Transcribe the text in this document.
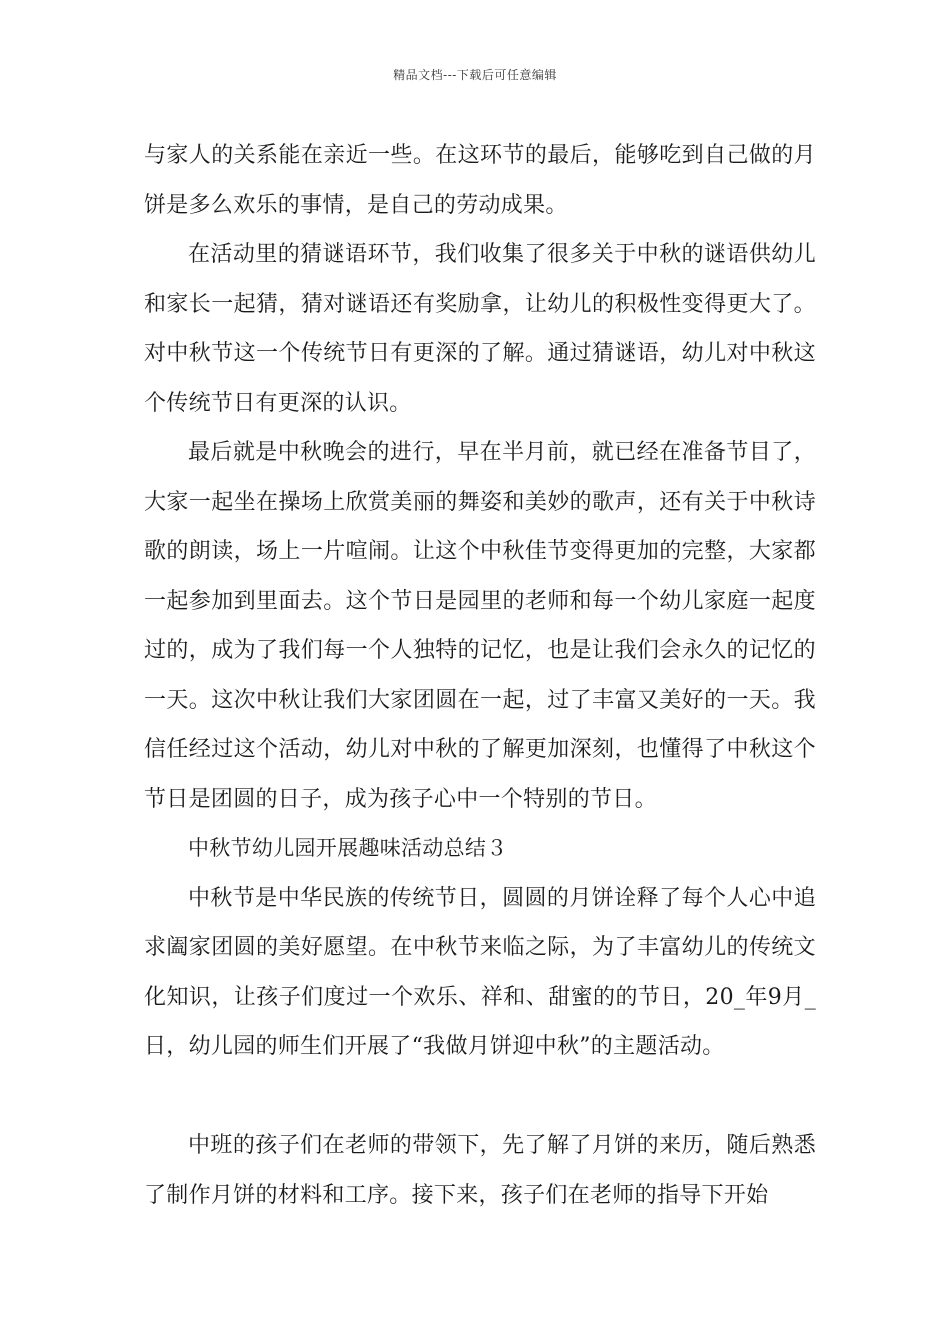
精品文档---下载后可任意编辑

与家人的关系能在亲近一些。在这环节的最后，能够吃到自己做的月饼是多么欢乐的事情，是自己的劳动成果。

在活动里的猜谜语环节，我们收集了很多关于中秋的谜语供幼儿和家长一起猜，猜对谜语还有奖励拿，让幼儿的积极性变得更大了。对中秋节这一个传统节日有更深的了解。通过猜谜语，幼儿对中秋这个传统节日有更深的认识。

最后就是中秋晚会的进行，早在半月前，就已经在准备节目了，大家一起坐在操场上欣赏美丽的舞姿和美妙的歌声，还有关于中秋诗歌的朗读，场上一片喧闹。让这个中秋佳节变得更加的完整，大家都一起参加到里面去。这个节日是园里的老师和每一个幼儿家庭一起度过的，成为了我们每一个人独特的记忆，也是让我们会永久的记忆的一天。这次中秋让我们大家团圆在一起，过了丰富又美好的一天。我信任经过这个活动，幼儿对中秋的了解更加深刻，也懂得了中秋这个节日是团圆的日子，成为孩子心中一个特别的节日。

中秋节幼儿园开展趣味活动总结３

中秋节是中华民族的传统节日，圆圆的月饼诠释了每个人心中追求阖家团圆的美好愿望。在中秋节来临之际，为了丰富幼儿的传统文化知识，让孩子们度过一个欢乐、祥和、甜蜜的的节日，20_年9月_日，幼儿园的师生们开展了“我做月饼迎中秋”的主题活动。

中班的孩子们在老师的带领下，先了解了月饼的来历，随后熟悉了制作月饼的材料和工序。接下来，孩子们在老师的指导下开始
